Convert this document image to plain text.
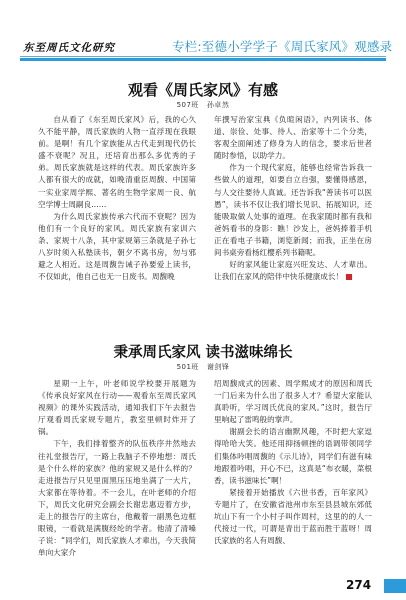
东至周氏文化研究	专栏:至德小学学子《周氏家风》观感录
观看《周氏家风》有感
507班 孙卓然

自从看了《东至周氏家风》后，我的心久久不能平静，周氏家族的人物一直浮现在我眼前。是啊！有几个家族能从古代走到现代仍长盛不衰呢？况且，还培育出那么多优秀的子弟。周氏家族就是这样的代表。周氏家族许多人都有很大的成就，如晚清重臣周馥、中国第一实业家周学熙、著名的生物学家周一良、航空学博士周嗣良……

为什么周氏家族传承六代而不衰呢？因为他们有一个良好的家风。周氏家族有家训六条、家规十八条，其中家规第三条就是子孙七八岁时须入私塾读书，朝夕不离书房，勿与邪避之人相近。这是周馥告诫子孙要爱上读书，不仅如此，他自己也无一日废书。周馥晚

年撰写治家宝典《负暄闲语》，内列读书、体道、崇俭、处事、待人、治家等十二个分类，客观全面阐述了修身为人的信念，要求后世者随时参悟，以助学力。

作为一个现代家庭，能够也经常告诉我一些做人的道理，如要自立自强，要懂得感恩，与人交往要待人真诚。还告诉我“善读书可以医愚”，读书不仅让我们增长见识、拓展知识，还能吸取做人处事的道理。在我家随时都有我和爸妈看书的身影：瞧！沙发上，爸妈捧着手机正在看电子书籍，浏览新闻；而我，正坐在房间书桌旁看杨红樱系列书籍呢。

好的家风能让家庭兴旺发达、人才辈出。让我们在家风的陪伴中快乐健康成长！

秉承周氏家风 读书滋味绵长
501班 谢剑锋

星期一上午，叶老师说学校要开展题为《传承良好家风在行动——观看东至周氏家风视频》的课外实践活动，通知我们下午去报告厅观看周氏家规专题片，教室里顿时炸开了锅。

下午，我们排着整齐的队伍秩序井然地去往礼堂报告厅，一路上我脑子不停地想：周氏是个什么样的家族？他的家规又是什么样的？走进报告厅只见里面黑压压地坐满了一大片，大家都在等待着。不一会儿，在叶老师的介绍下，周氏文化研究会副会长谢忠惠迈着方步，走上的报告厅的主席台，他戴着一副黑色边框眼镜，一看就是满腹经纶的学者。他清了清嗓子说：“同学们，周氏家族人才辈出，今天我简单向大家介

绍周馥成式的因素、周学熙成才的原因和周氏一门后来为什么出了很多人才？希望大家能认真聆听，学习周氏优良的家风。”这时，报告厅里响起了雷鸣般的掌声。

谢副会长的语言幽默风趣，不时把大家逗得哈哈大笑。他还用抑扬顿挫的语调带领同学们集体吟唱周馥的《示儿诗》，同学们有滋有味地跟着吟唱，开心不已，这真是“布衣暖，菜根香，读书滋味长”啊！

紧接着开始播放《六世书香，百年家风》专题片了，在安徽省池州市东至县县城东郊低坑山下有一个小村子叫作周村，这里的的人一代接过一代，可谓是青出于蓝而胜于蓝呀！周氏家族的名人有周馥、

274
